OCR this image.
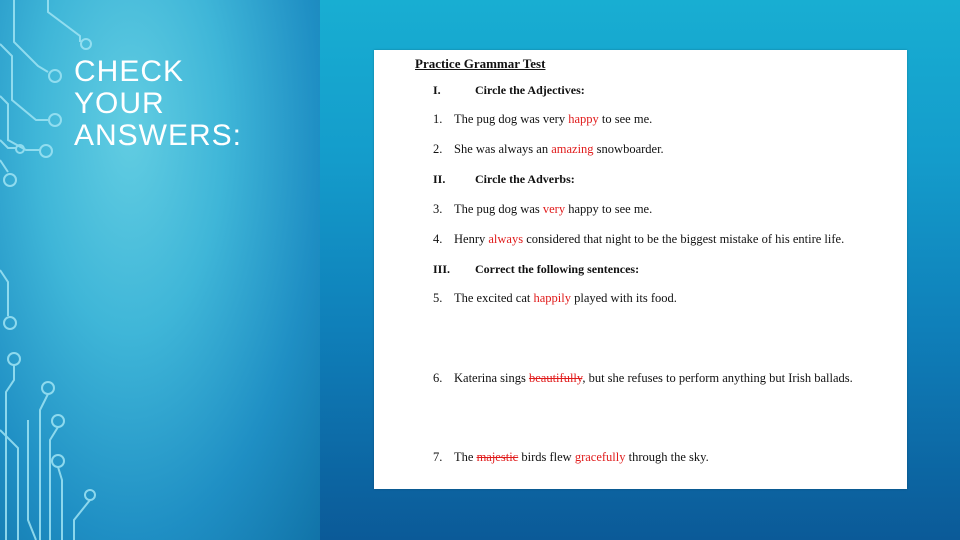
CHECK
YOUR
ANSWERS:
Practice Grammar Test
I.	Circle the Adjectives:
1. The pug dog was very happy to see me.
2. She was always an amazing snowboarder.
II. Circle the Adverbs:
3. The pug dog was very happy to see me.
4. Henry always considered that night to be the biggest mistake of his entire life.
III. Correct the following sentences:
5. The excited cat happily played with its food.
6. Katerina sings beautifully, but she refuses to perform anything but Irish ballads.
7. The majestic birds flew gracefully through the sky.
